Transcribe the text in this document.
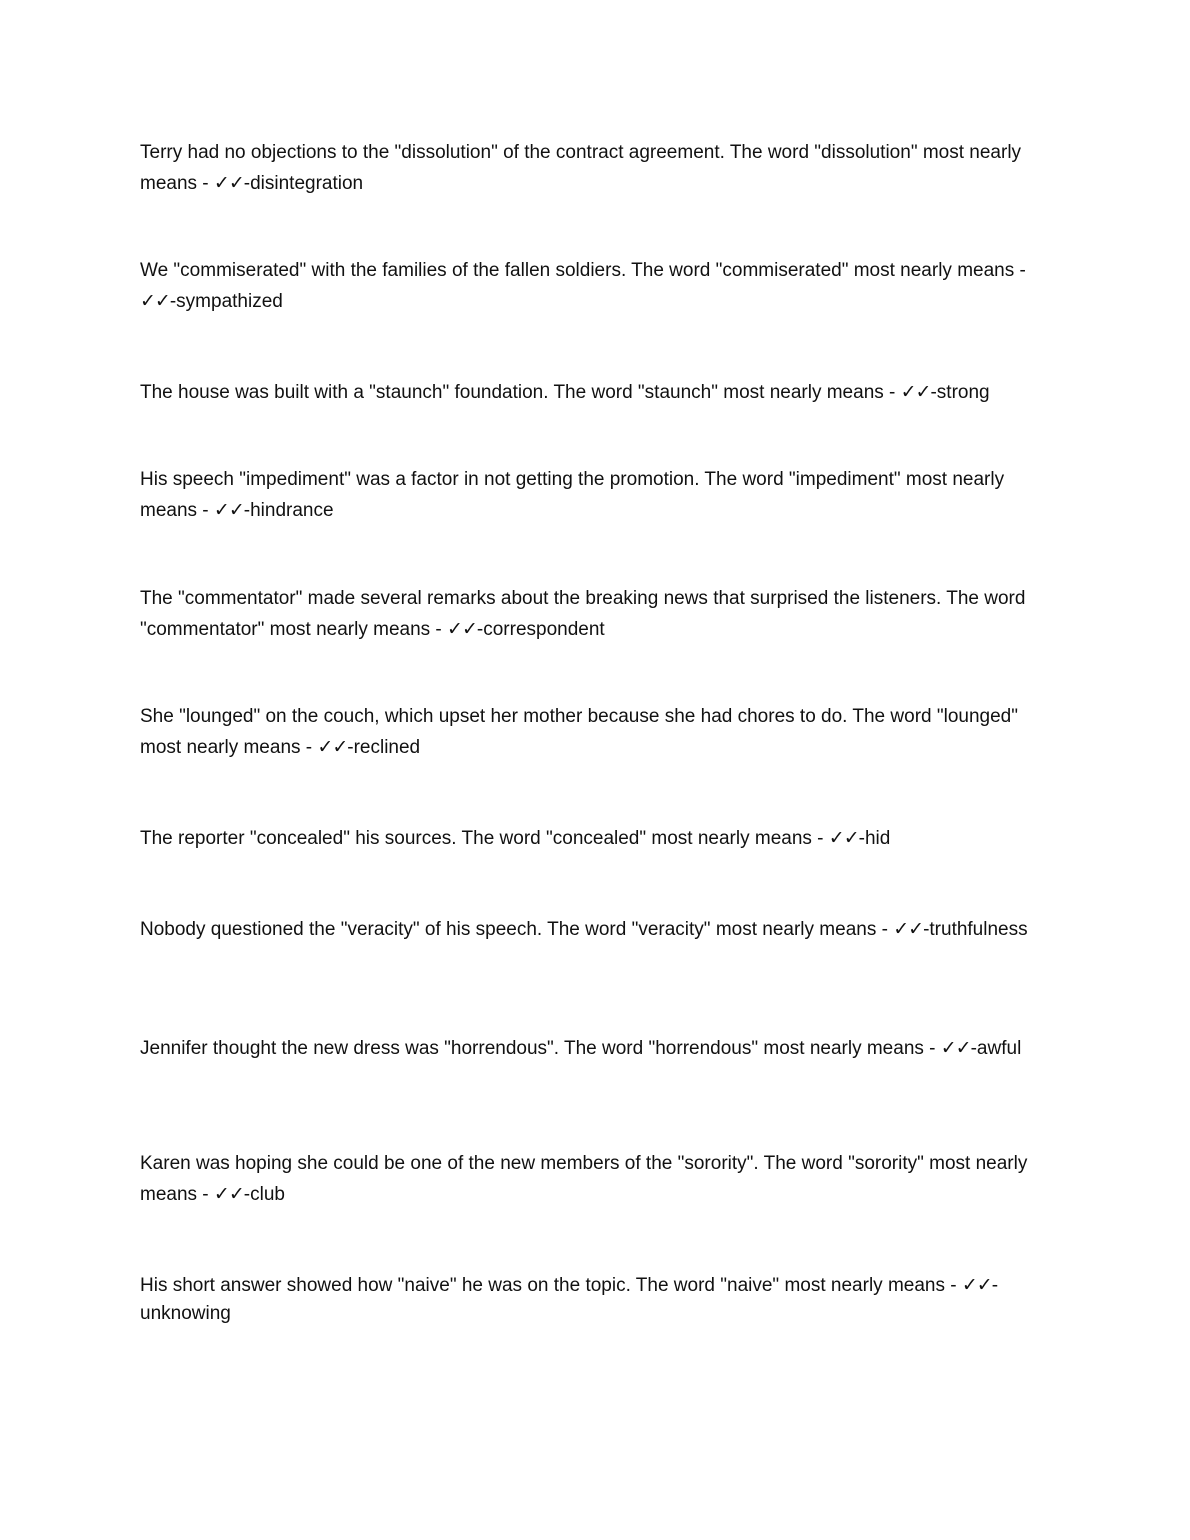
Terry had no objections to the "dissolution" of the contract agreement. The word "dissolution" most nearly means - ✓✓-disintegration

We "commiserated" with the families of the fallen soldiers. The word "commiserated" most nearly means - ✓✓-sympathized

The house was built with a "staunch" foundation. The word "staunch" most nearly means - ✓✓-strong

His speech "impediment" was a factor in not getting the promotion. The word "impediment" most nearly means - ✓✓-hindrance

The "commentator" made several remarks about the breaking news that surprised the listeners. The word "commentator" most nearly means - ✓✓-correspondent

She "lounged" on the couch, which upset her mother because she had chores to do. The word "lounged" most nearly means - ✓✓-reclined

The reporter "concealed" his sources. The word "concealed" most nearly means - ✓✓-hid

Nobody questioned the "veracity" of his speech. The word "veracity" most nearly means - ✓✓-truthfulness

Jennifer thought the new dress was "horrendous". The word "horrendous" most nearly means - ✓✓-awful

Karen was hoping she could be one of the new members of the "sorority". The word "sorority" most nearly means - ✓✓-club

His short answer showed how "naive" he was on the topic. The word "naive" most nearly means - ✓✓-unknowing
